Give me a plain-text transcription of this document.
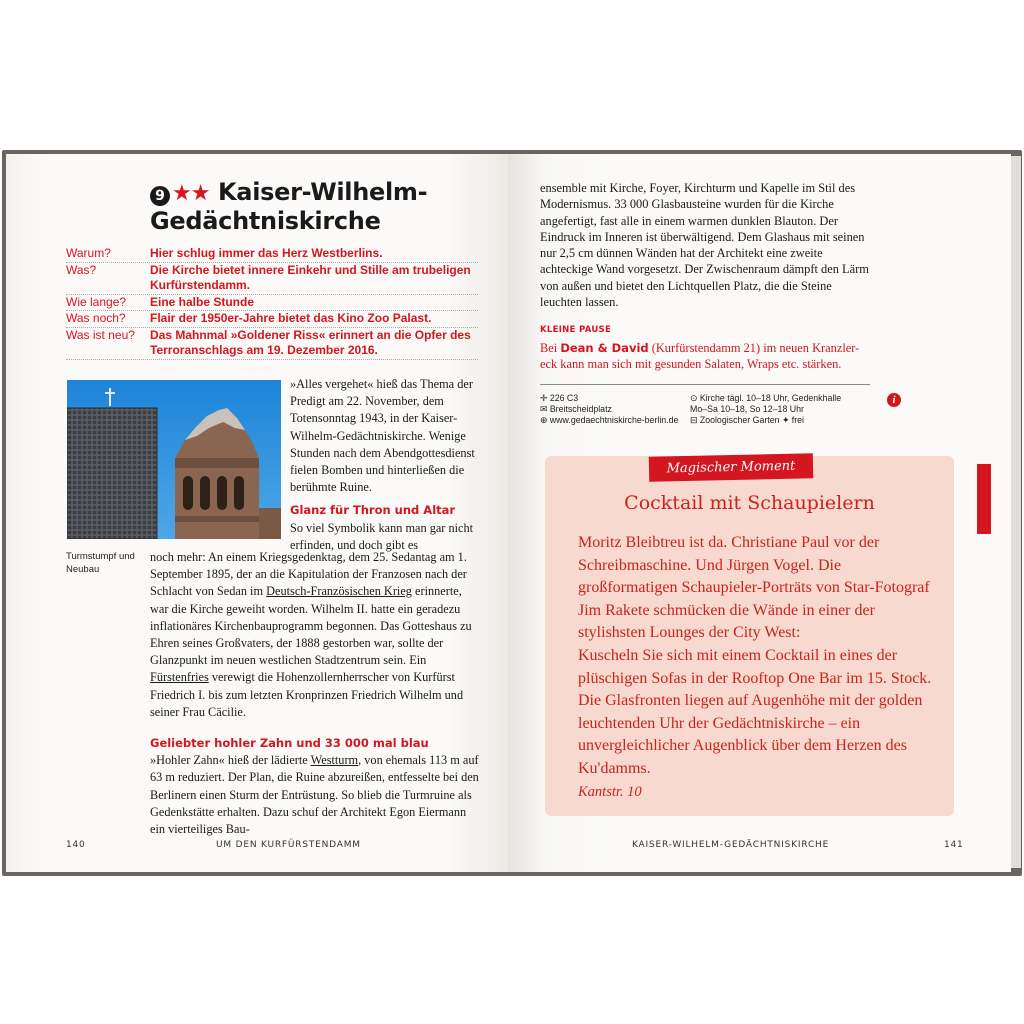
9 ★★ Kaiser-Wilhelm-
Gedächtniskirche
Warum?	Hier schlug immer das Herz Westberlins.
Was?	Die Kirche bietet innere Einkehr und Stille am trubeligen Kurfürstendamm.
Wie lange?	Eine halbe Stunde
Was noch?	Flair der 1950er-Jahre bietet das Kino Zoo Palast.
Was ist neu?	Das Mahnmal »Goldener Riss« erinnert an die Opfer des Terroranschlags am 19. Dezember 2016.
Turmstumpf und Neubau
»Alles vergehet« hieß das Thema der Predigt am 22. November, dem Totensonntag 1943, in der Kaiser-Wilhelm-Gedächtniskirche. Wenige Stunden nach dem Abendgottesdienst fielen Bomben und hinterließen die berühmte Ruine.
Glanz für Thron und Altar
So viel Symbolik kann man gar nicht erfinden, und doch gibt es
noch mehr: An einem Kriegsgedenktag, dem 25. Sedantag am 1. September 1895, der an die Kapitulation der Franzosen nach der Schlacht von Sedan im Deutsch-Französischen Krieg erinnerte, war die Kirche geweiht worden. Wilhelm II. hatte ein geradezu inflationäres Kirchenbauprogramm begonnen. Das Gotteshaus zu Ehren seines Großvaters, der 1888 gestorben war, sollte der Glanzpunkt im neuen westlichen Stadtzentrum sein. Ein Fürstenfries verewigt die Hohenzollernherrscher von Kurfürst Friedrich I. bis zum letzten Kronprinzen Friedrich Wilhelm und seiner Frau Cäcilie.
Geliebter hohler Zahn und 33 000 mal blau
»Hohler Zahn« hieß der lädierte Westturm, von ehemals 113 m auf 63 m reduziert. Der Plan, die Ruine abzureißen, entfesselte bei den Berlinern einen Sturm der Entrüstung. So blieb die Turmruine als Gedenkstätte erhalten. Dazu schuf der Architekt Egon Eiermann ein vierteiliges Bau-
140	UM DEN KURFÜRSTENDAMM
ensemble mit Kirche, Foyer, Kirchturm und Kapelle im Stil des Modernismus. 33 000 Glasbausteine wurden für die Kirche angefertigt, fast alle in einem warmen dunklen Blauton. Der Eindruck im Inneren ist überwältigend. Dem Glashaus mit seinen nur 2,5 cm dünnen Wänden hat der Architekt eine zweite achteckige Wand vorgesetzt. Der Zwischenraum dämpft den Lärm von außen und bietet den Lichtquellen Platz, die die Steine leuchten lassen.
KLEINE PAUSE
Bei Dean & David (Kurfürstendamm 21) im neuen Kranzler-eck kann man sich mit gesunden Salaten, Wraps etc. stärken.
✛ 226 C3
✉ Breitscheidplatz
⊕ www.gedaechtniskirche-berlin.de
⊙ Kirche tägl. 10–18 Uhr, Gedenkhalle
Mo–Sa 10–18, So 12–18 Uhr
⊟ Zoologischer Garten ✦ frei
i
Magischer Moment
Cocktail mit Schaupielern
Moritz Bleibtreu ist da. Christiane Paul vor der Schreibmaschine. Und Jürgen Vogel. Die großformatigen Schaupieler-Porträts von Star-Fotograf Jim Rakete schmücken die Wände in einer der stylishsten Lounges der City West:
Kuscheln Sie sich mit einem Cocktail in eines der plüschigen Sofas in der Rooftop One Bar im 15. Stock. Die Glasfronten liegen auf Augenhöhe mit der golden leuchtenden Uhr der Gedächtniskirche – ein unvergleichlicher Augenblick über dem Herzen des Ku'damms.
Kantstr. 10
KAISER-WILHELM-GEDÄCHTNISKIRCHE	141
